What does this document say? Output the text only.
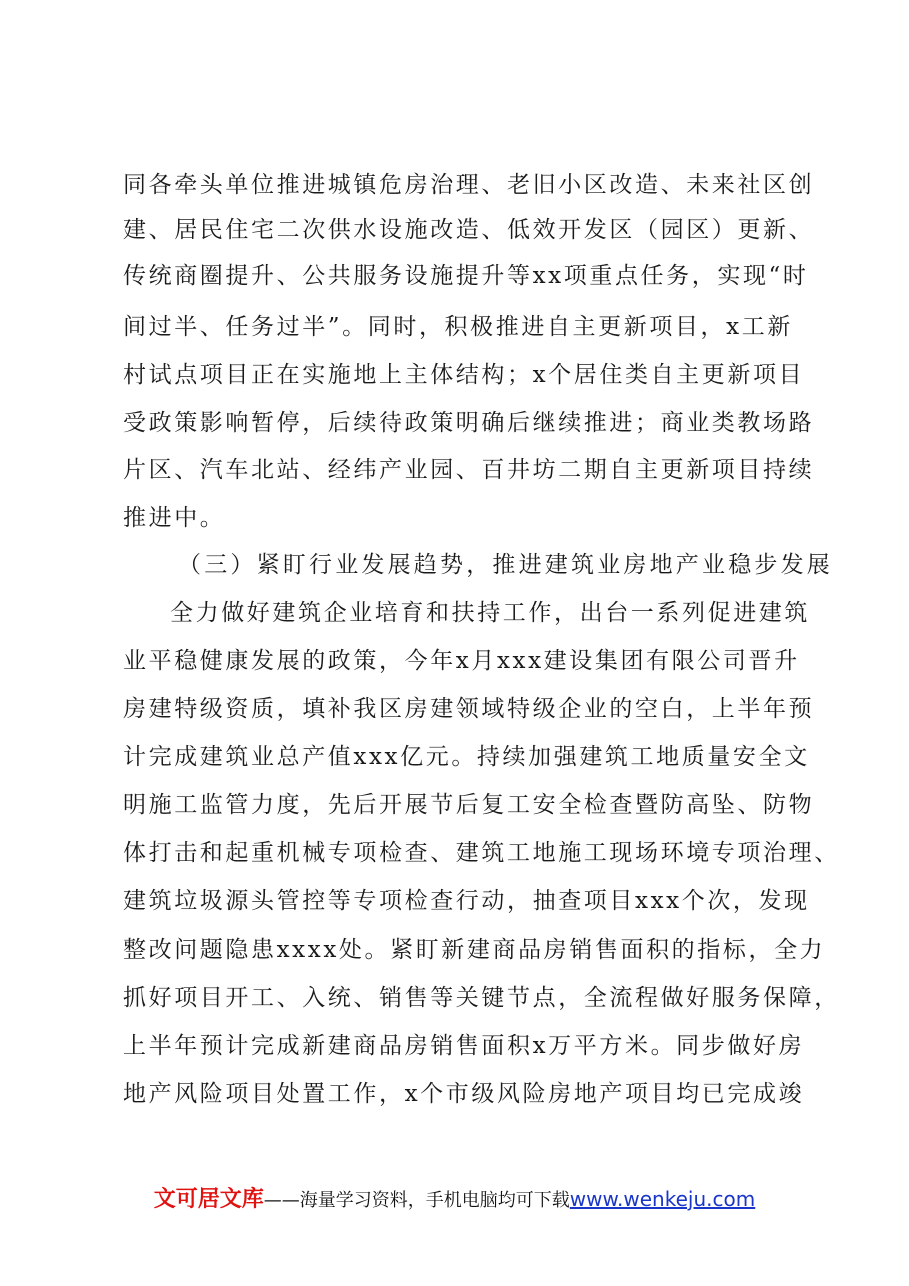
同各牵头单位推进城镇危房治理、老旧小区改造、未来社区创
建、居民住宅二次供水设施改造、低效开发区（园区）更新、
传统商圈提升、公共服务设施提升等xx项重点任务，实现“时
间过半、任务过半”。同时，积极推进自主更新项目，x工新
村试点项目正在实施地上主体结构；x个居住类自主更新项目
受政策影响暂停，后续待政策明确后继续推进；商业类教场路
片区、汽车北站、经纬产业园、百井坊二期自主更新项目持续
推进中。
（三）紧盯行业发展趋势，推进建筑业房地产业稳步发展
全力做好建筑企业培育和扶持工作，出台一系列促进建筑
业平稳健康发展的政策，今年x月xxx建设集团有限公司晋升
房建特级资质，填补我区房建领域特级企业的空白，上半年预
计完成建筑业总产值xxx亿元。持续加强建筑工地质量安全文
明施工监管力度，先后开展节后复工安全检查暨防高坠、防物
体打击和起重机械专项检查、建筑工地施工现场环境专项治理、
建筑垃圾源头管控等专项检查行动，抽查项目xxx个次，发现
整改问题隐患xxxx处。紧盯新建商品房销售面积的指标，全力
抓好项目开工、入统、销售等关键节点，全流程做好服务保障，
上半年预计完成新建商品房销售面积x万平方米。同步做好房
地产风险项目处置工作，x个市级风险房地产项目均已完成竣
文可居文库——海量学习资料，手机电脑均可下载www.wenkeju.com
